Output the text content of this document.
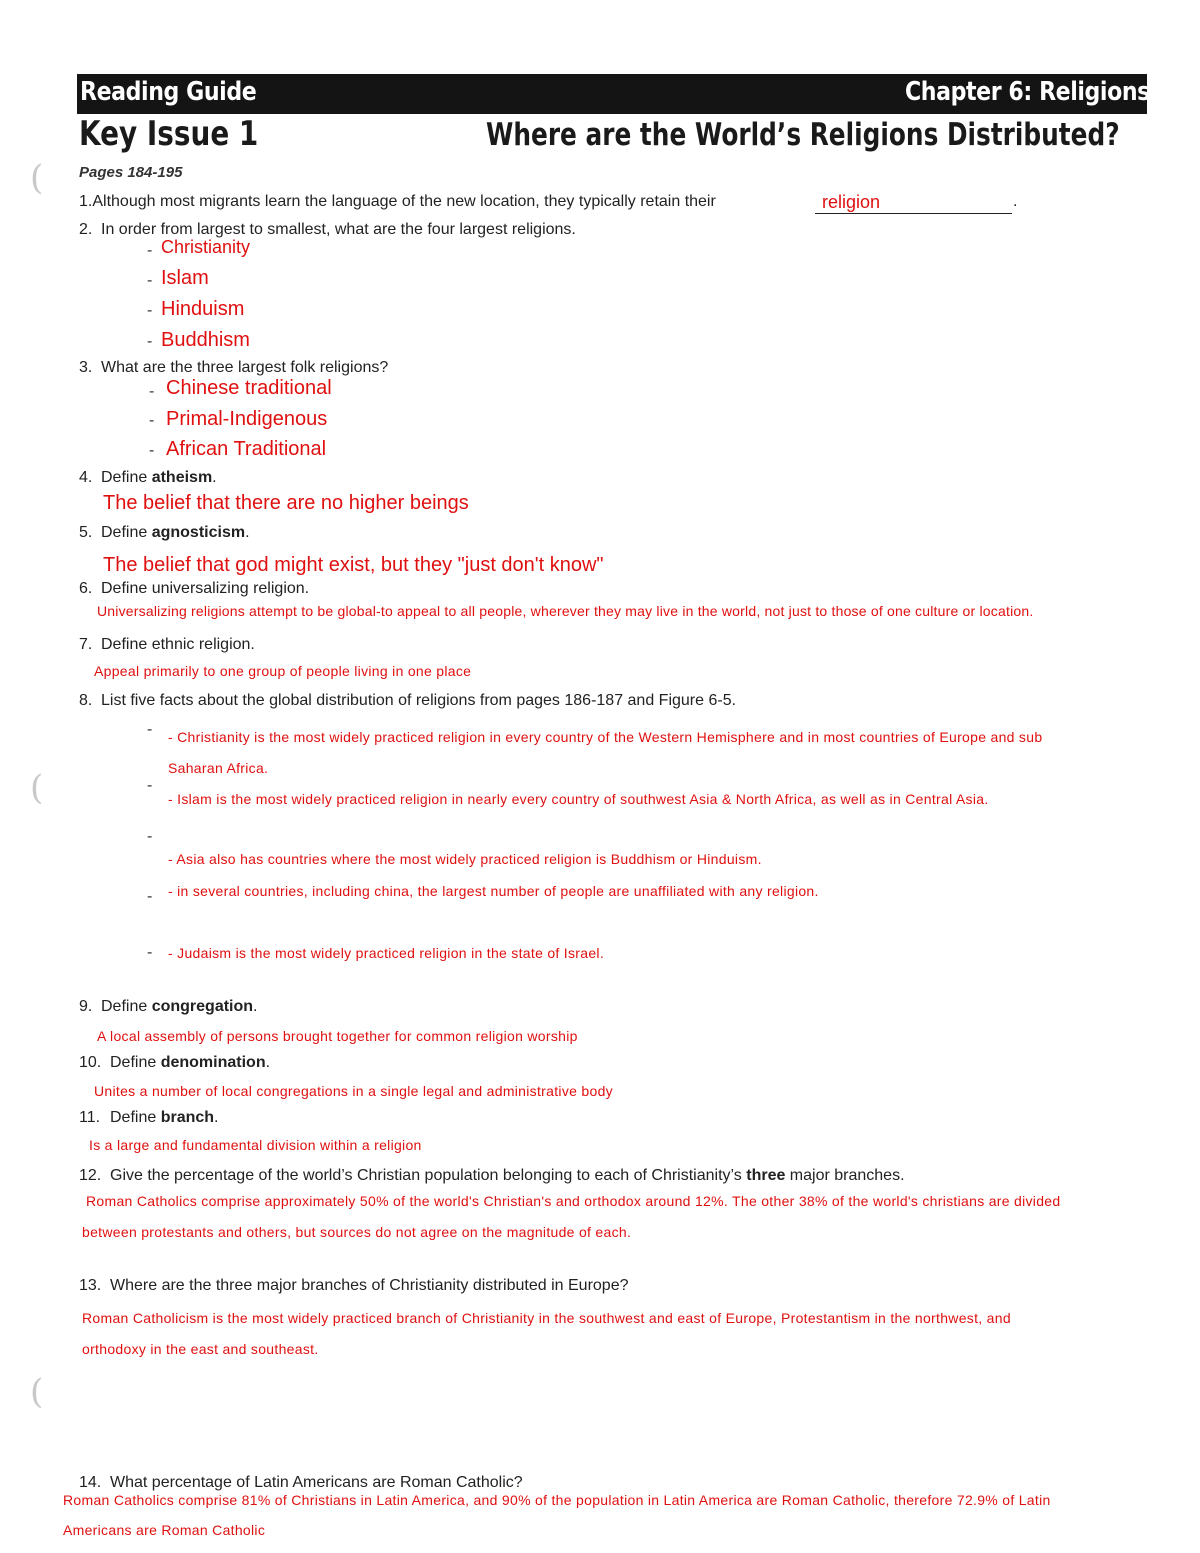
(
(
(
Reading Guide	Chapter 6: Religions
Key Issue 1	Where are the World’s Religions Distributed?
Pages 184-195
1.Although most migrants learn the language of the new location, they typically retain their	religion	.
2. In order from largest to smallest, what are the four largest religions.
- Christianity
- Islam
- Hinduism
- Buddhism
3. What are the three largest folk religions?
- Chinese traditional
- Primal-Indigenous
- African Traditional
4. Define atheism.
The belief that there are no higher beings
5. Define agnosticism.
The belief that god might exist, but they "just don't know"
6. Define universalizing religion.
Universalizing religions attempt to be global-to appeal to all people, wherever they may live in the world, not just to those of one culture or location.
7. Define ethnic religion.
Appeal primarily to one group of people living in one place
8. List five facts about the global distribution of religions from pages 186-187 and Figure 6-5.
- - Christianity is the most widely practiced religion in every country of the Western Hemisphere and in most countries of Europe and sub
Saharan Africa.
-
- Islam is the most widely practiced religion in nearly every country of southwest Asia & North Africa, as well as in Central Asia.
-
- Asia also has countries where the most widely practiced religion is Buddhism or Hinduism.
- - in several countries, including china, the largest number of people are unaffiliated with any religion.
- - Judaism is the most widely practiced religion in the state of Israel.
9. Define congregation.
A local assembly of persons brought together for common religion worship
10. Define denomination.
Unites a number of local congregations in a single legal and administrative body
11. Define branch.
Is a large and fundamental division within a religion
12. Give the percentage of the world’s Christian population belonging to each of Christianity’s three major branches.
Roman Catholics comprise approximately 50% of the world's Christian's and orthodox around 12%. The other 38% of the world's christians are divided
between protestants and others, but sources do not agree on the magnitude of each.
13. Where are the three major branches of Christianity distributed in Europe?
Roman Catholicism is the most widely practiced branch of Christianity in the southwest and east of Europe, Protestantism in the northwest, and
orthodoxy in the east and southeast.
14. What percentage of Latin Americans are Roman Catholic?
Roman Catholics comprise 81% of Christians in Latin America, and 90% of the population in Latin America are Roman Catholic, therefore 72.9% of Latin
Americans are Roman Catholic
